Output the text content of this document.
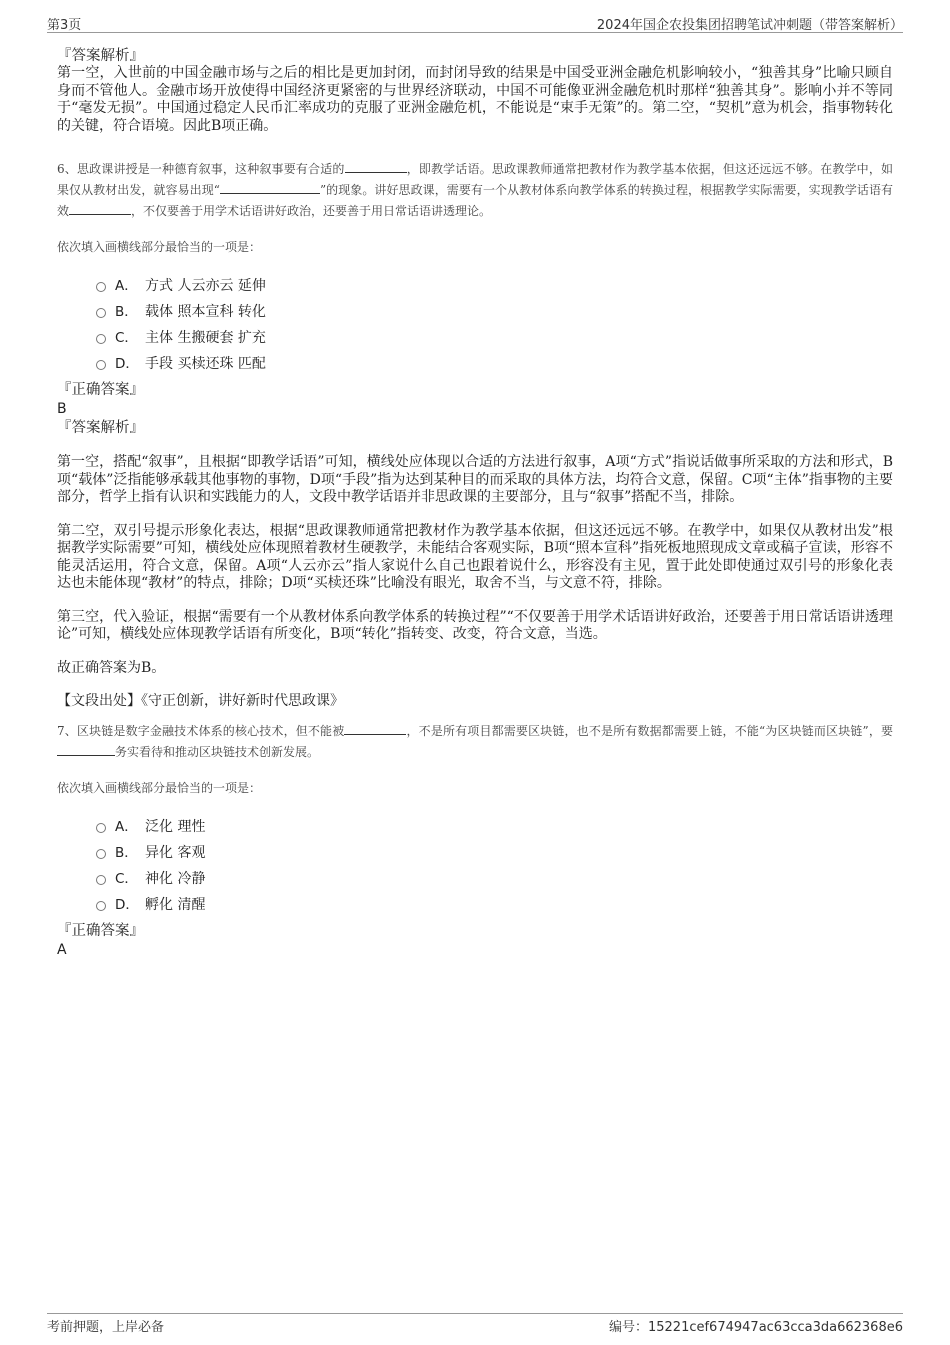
第3页	2024年国企农投集团招聘笔试冲刺题（带答案解析）

『答案解析』

第一空，入世前的中国金融市场与之后的相比是更加封闭，而封闭导致的结果是中国受亚洲金融危机影响较小，“独善其身”比喻只顾自身而不管他人。金融市场开放使得中国经济更紧密的与世界经济联动，中国不可能像亚洲金融危机时那样“独善其身”。影响小并不等同于“毫发无损”。中国通过稳定人民币汇率成功的克服了亚洲金融危机，不能说是“束手无策”的。第二空，“契机”意为机会，指事物转化的关键，符合语境。因此B项正确。

6、思政课讲授是一种德育叙事，这种叙事要有合适的	，即教学话语。思政课教师通常把教材作为教学基本依据，但这还远远不够。在教学中，如果仅从教材出发，就容易出现“	”的现象。讲好思政课，需要有一个从教材体系向教学体系的转换过程，根据教学实际需要，实现教学话语有效	，不仅要善于用学术话语讲好政治，还要善于用日常话语讲透理论。

依次填入画横线部分最恰当的一项是：

A． 方式 人云亦云 延伸
B． 载体 照本宣科 转化
C． 主体 生搬硬套 扩充
D． 手段 买椟还珠 匹配

『正确答案』

B

『答案解析』

第一空，搭配“叙事”，且根据“即教学话语”可知，横线处应体现以合适的方法进行叙事，A项“方式”指说话做事所采取的方法和形式，B项“载体”泛指能够承载其他事物的事物，D项“手段”指为达到某种目的而采取的具体方法，均符合文意，保留。C项“主体”指事物的主要部分，哲学上指有认识和实践能力的人，文段中教学话语并非思政课的主要部分，且与“叙事”搭配不当，排除。

第二空，双引号提示形象化表达，根据“思政课教师通常把教材作为教学基本依据，但这还远远不够。在教学中，如果仅从教材出发”根据教学实际需要”可知，横线处应体现照着教材生硬教学，未能结合客观实际，B项“照本宣科”指死板地照现成文章或稿子宣读，形容不能灵活运用，符合文意，保留。A项“人云亦云”指人家说什么自己也跟着说什么，形容没有主见，置于此处即使通过双引号的形象化表达也未能体现“教材”的特点，排除；D项“买椟还珠”比喻没有眼光，取舍不当，与文意不符，排除。

第三空，代入验证，根据“需要有一个从教材体系向教学体系的转换过程”“不仅要善于用学术话语讲好政治，还要善于用日常话语讲透理论”可知，横线处应体现教学话语有所变化，B项“转化”指转变、改变，符合文意，当选。

故正确答案为B。

【文段出处】《守正创新，讲好新时代思政课》

7、区块链是数字金融技术体系的核心技术，但不能被	，不是所有项目都需要区块链，也不是所有数据都需要上链，不能“为区块链而区块链”，要务实看待和推动区块链技术创新发展。

依次填入画横线部分最恰当的一项是：

A． 泛化 理性
B． 异化 客观
C． 神化 冷静
D． 孵化 清醒

『正确答案』

A

考前押题，上岸必备	编号：15221cef674947ac63cca3da662368e6
